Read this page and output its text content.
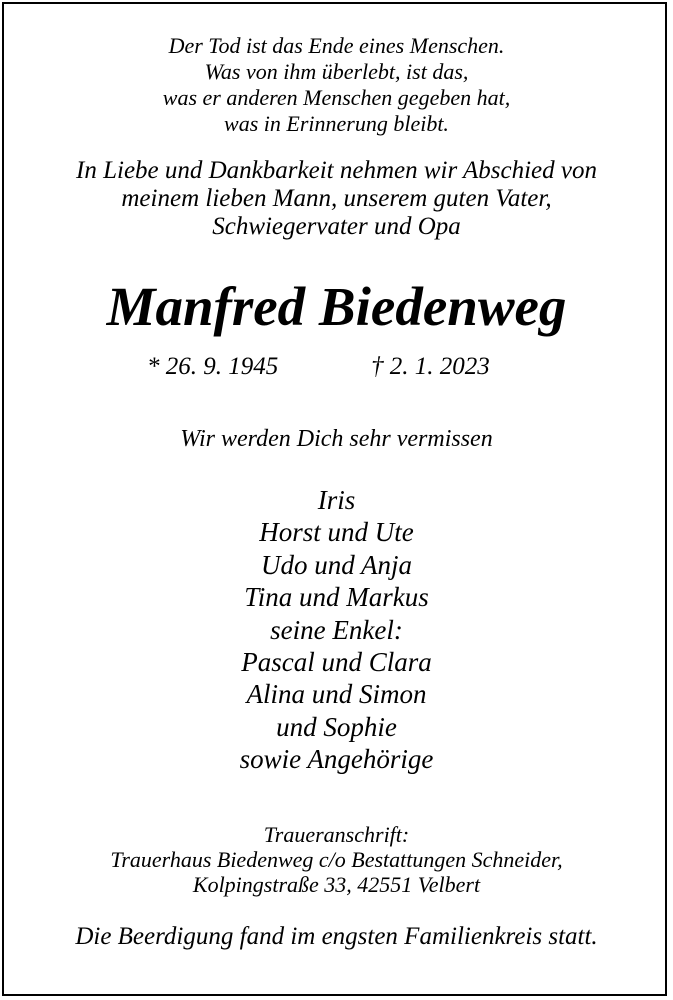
Der Tod ist das Ende eines Menschen.
Was von ihm überlebt, ist das,
was er anderen Menschen gegeben hat,
was in Erinnerung bleibt.
In Liebe und Dankbarkeit nehmen wir Abschied von
meinem lieben Mann, unserem guten Vater,
Schwiegervater und Opa
Manfred Biedenweg
* 26. 9. 1945	† 2. 1. 2023
Wir werden Dich sehr vermissen
Iris
Horst und Ute
Udo und Anja
Tina und Markus
seine Enkel:
Pascal und Clara
Alina und Simon
und Sophie
sowie Angehörige
Traueranschrift:
Trauerhaus Biedenweg c/o Bestattungen Schneider,
Kolpingstraße 33, 42551 Velbert
Die Beerdigung fand im engsten Familienkreis statt.
